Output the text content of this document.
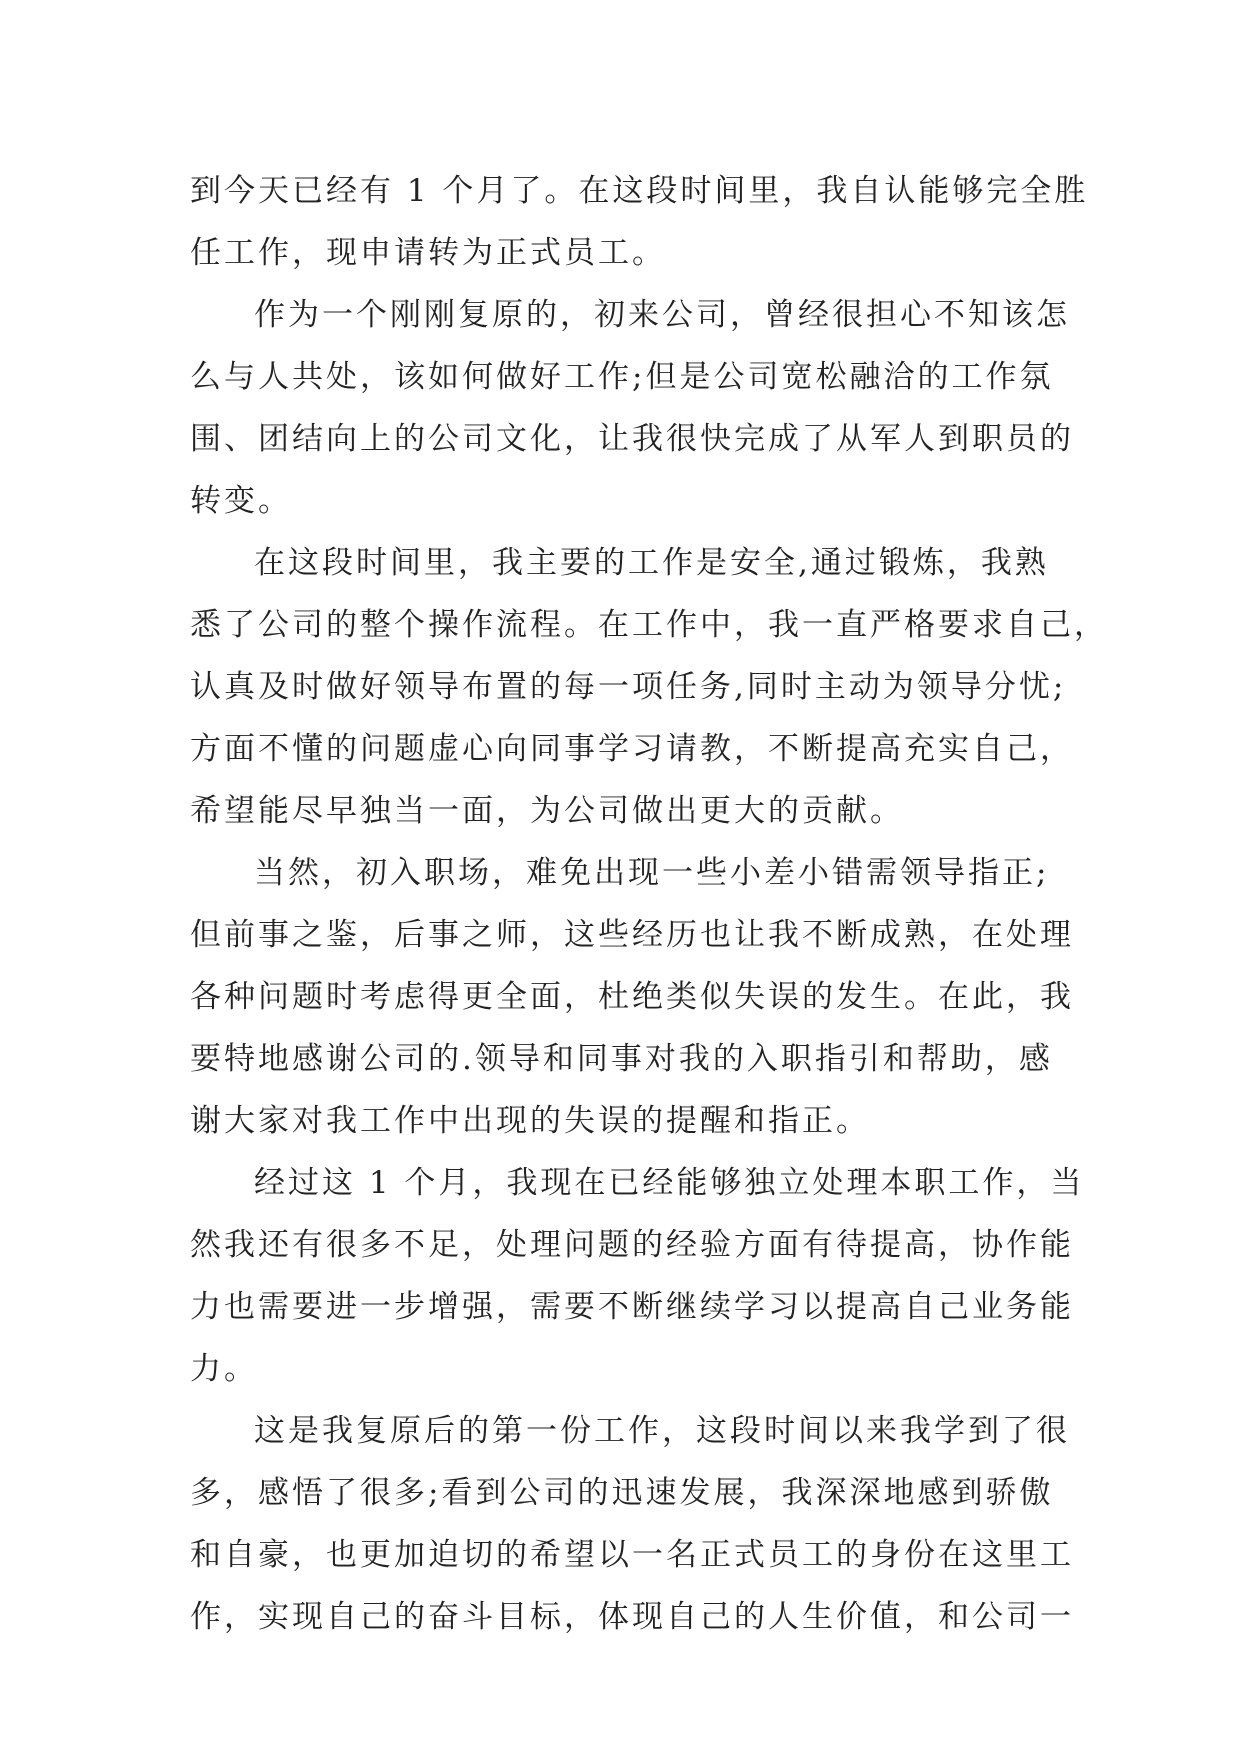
到今天已经有 1 个月了。在这段时间里，我自认能够完全胜
任工作，现申请转为正式员工。
作为一个刚刚复原的，初来公司，曾经很担心不知该怎
么与人共处，该如何做好工作;但是公司宽松融洽的工作氛
围、团结向上的公司文化，让我很快完成了从军人到职员的
转变。
在这段时间里，我主要的工作是安全,通过锻炼，我熟
悉了公司的整个操作流程。在工作中，我一直严格要求自己，
认真及时做好领导布置的每一项任务,同时主动为领导分忧;
方面不懂的问题虚心向同事学习请教，不断提高充实自己，
希望能尽早独当一面，为公司做出更大的贡献。
当然，初入职场，难免出现一些小差小错需领导指正;
但前事之鉴，后事之师，这些经历也让我不断成熟，在处理
各种问题时考虑得更全面，杜绝类似失误的发生。在此，我
要特地感谢公司的.领导和同事对我的入职指引和帮助，感
谢大家对我工作中出现的失误的提醒和指正。
经过这 1 个月，我现在已经能够独立处理本职工作，当
然我还有很多不足，处理问题的经验方面有待提高，协作能
力也需要进一步增强，需要不断继续学习以提高自己业务能
力。
这是我复原后的第一份工作，这段时间以来我学到了很
多，感悟了很多;看到公司的迅速发展，我深深地感到骄傲
和自豪，也更加迫切的希望以一名正式员工的身份在这里工
作，实现自己的奋斗目标，体现自己的人生价值，和公司一
